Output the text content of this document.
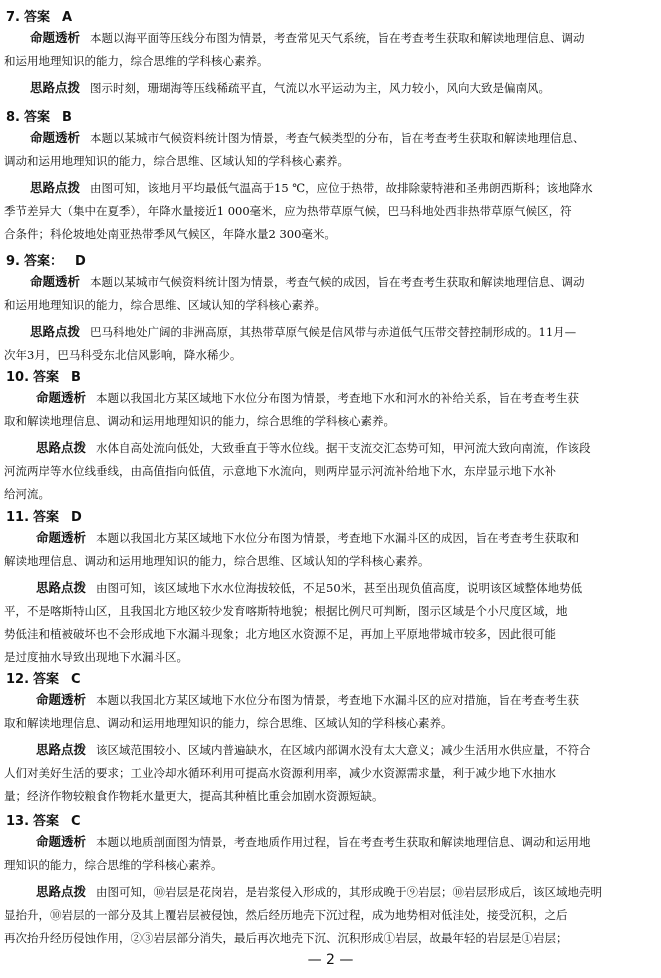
7. 答案 A
命题透析 本题以海平面等压线分布图为情景，考查常见天气系统，旨在考查考生获取和解读地理信息、调动
和运用地理知识的能力，综合思维的学科核心素养。
思路点拨 图示时刻，珊瑚海等压线稀疏平直，气流以水平运动为主，风力较小，风向大致是偏南风。
8. 答案 B
命题透析 本题以某城市气候资料统计图为情景，考查气候类型的分布，旨在考查考生获取和解读地理信息、
调动和运用地理知识的能力，综合思维、区域认知的学科核心素养。
思路点拨 由图可知，该地月平均最低气温高于15 ℃，应位于热带，故排除蒙特港和圣弗朗西斯科；该地降水
季节差异大（集中在夏季），年降水量接近1 000毫米，应为热带草原气候，巴马科地处西非热带草原气候区，符
合条件；科伦坡地处南亚热带季风气候区，年降水量2 300毫米。
9. 答案： D
命题透析 本题以某城市气候资料统计图为情景，考查气候的成因，旨在考查考生获取和解读地理信息、调动
和运用地理知识的能力，综合思维、区域认知的学科核心素养。
思路点拨 巴马科地处广阔的非洲高原，其热带草原气候是信风带与赤道低气压带交替控制形成的。11月—
次年3月，巴马科受东北信风影响，降水稀少。
10. 答案 B
命题透析 本题以我国北方某区域地下水位分布图为情景，考查地下水和河水的补给关系，旨在考查考生获
取和解读地理信息、调动和运用地理知识的能力，综合思维的学科核心素养。
思路点拨 水体自高处流向低处，大致垂直于等水位线。据干支流交汇态势可知，甲河流大致向南流，作该段
河流两岸等水位线垂线，由高值指向低值，示意地下水流向，则两岸显示河流补给地下水，东岸显示地下水补
给河流。
11. 答案 D
命题透析 本题以我国北方某区域地下水位分布图为情景，考查地下水漏斗区的成因，旨在考查考生获取和
解读地理信息、调动和运用地理知识的能力，综合思维、区域认知的学科核心素养。
思路点拨 由图可知，该区域地下水水位海拔较低，不足50米，甚至出现负值高度，说明该区域整体地势低
平，不是喀斯特山区，且我国北方地区较少发育喀斯特地貌；根据比例尺可判断，图示区域是个小尺度区域，地
势低洼和植被破坏也不会形成地下水漏斗现象；北方地区水资源不足，再加上平原地带城市较多，因此很可能
是过度抽水导致出现地下水漏斗区。
12. 答案 C
命题透析 本题以我国北方某区域地下水位分布图为情景，考查地下水漏斗区的应对措施，旨在考查考生获
取和解读地理信息、调动和运用地理知识的能力，综合思维、区域认知的学科核心素养。
思路点拨 该区域范围较小、区域内普遍缺水，在区域内部调水没有太大意义；减少生活用水供应量，不符合
人们对美好生活的要求；工业冷却水循环利用可提高水资源利用率，减少水资源需求量，利于减少地下水抽水
量；经济作物较粮食作物耗水量更大，提高其种植比重会加剧水资源短缺。
13. 答案 C
命题透析 本题以地质剖面图为情景，考查地质作用过程，旨在考查考生获取和解读地理信息、调动和运用地
理知识的能力，综合思维的学科核心素养。
思路点拨 由图可知，⑩岩层是花岗岩，是岩浆侵入形成的，其形成晚于⑨岩层；⑩岩层形成后，该区域地壳明
显抬升，⑩岩层的一部分及其上覆岩层被侵蚀，然后经历地壳下沉过程，成为地势相对低洼处，接受沉积，之后
再次抬升经历侵蚀作用，②③岩层部分消失，最后再次地壳下沉、沉积形成①岩层，故最年轻的岩层是①岩层；
— 2 —
